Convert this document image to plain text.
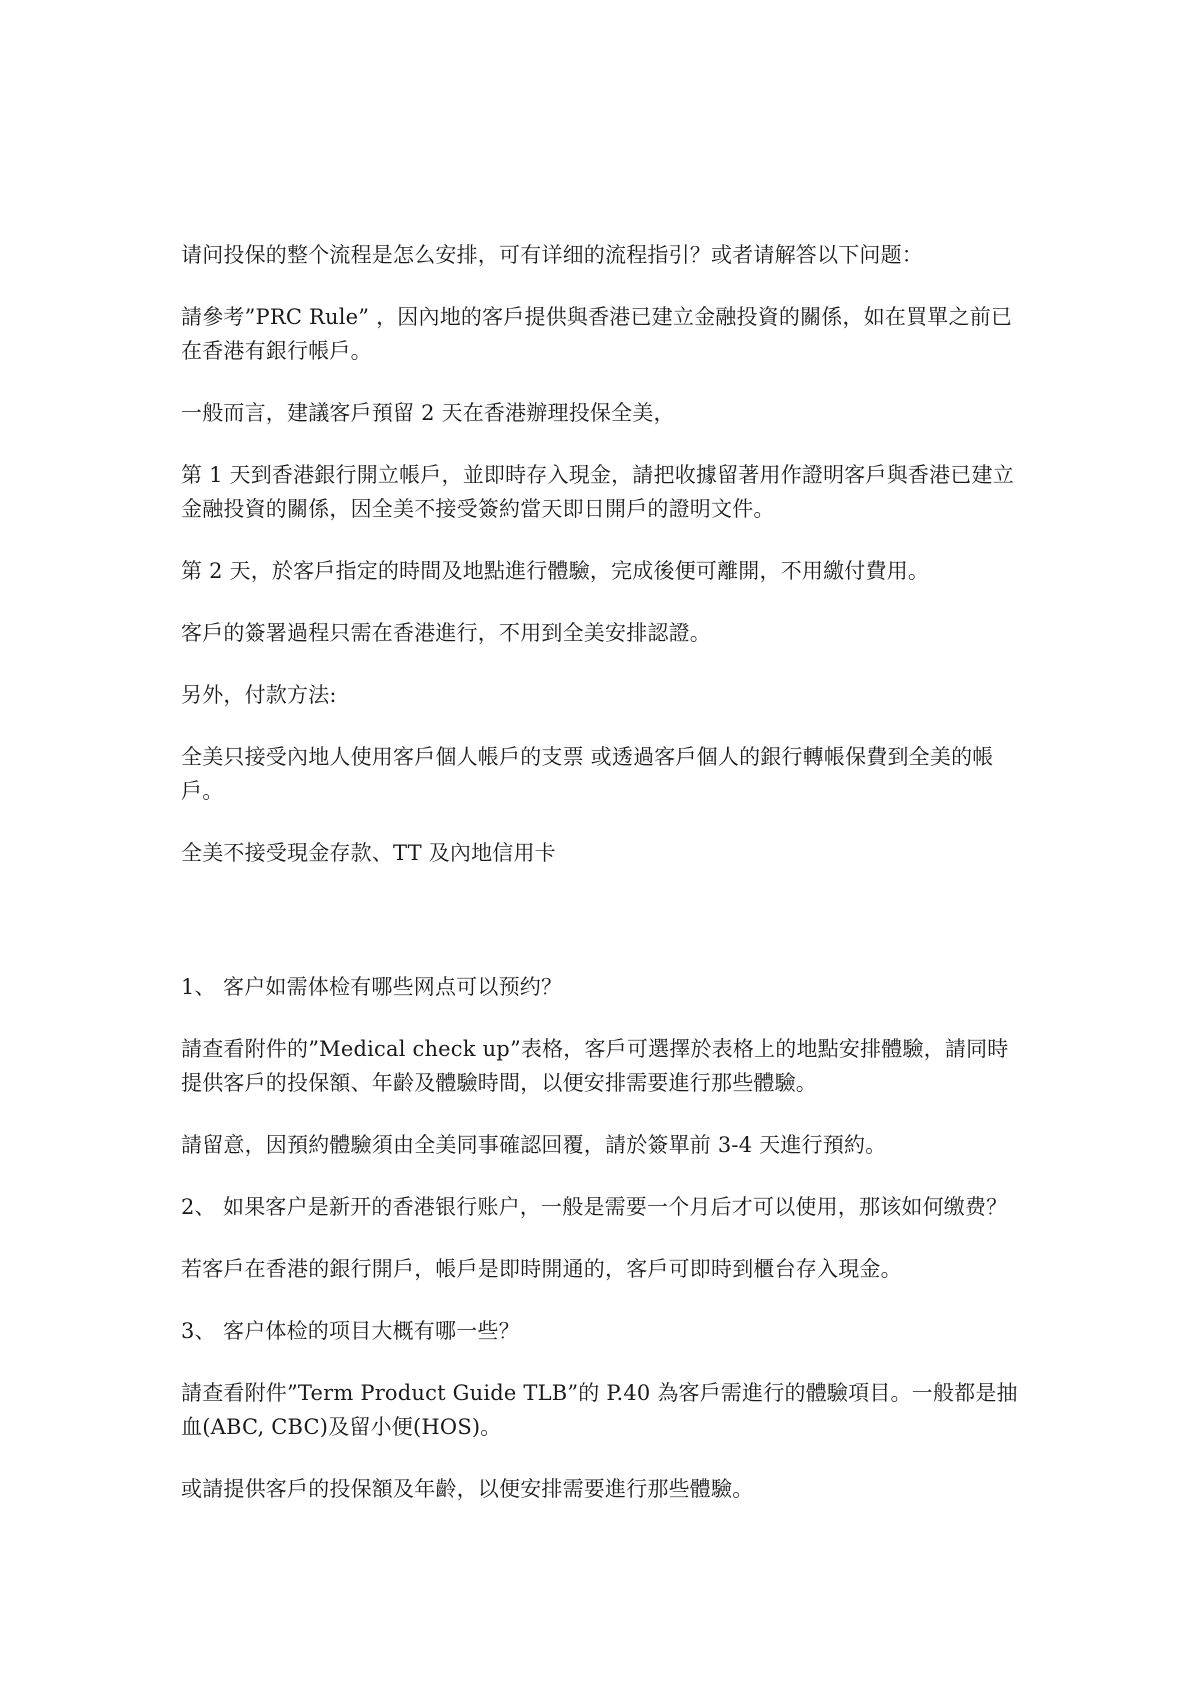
请问投保的整个流程是怎么安排，可有详细的流程指引？或者请解答以下问题：

請參考”PRC Rule” ，因內地的客戶提供與香港已建立金融投資的關係，如在買單之前已在香港有銀行帳戶。

一般而言，建議客戶預留 2 天在香港辦理投保全美，

第 1 天到香港銀行開立帳戶，並即時存入現金，請把收據留著用作證明客戶與香港已建立金融投資的關係，因全美不接受簽約當天即日開戶的證明文件。

第 2 天，於客戶指定的時間及地點進行體驗，完成後便可離開，不用繳付費用。

客戶的簽署過程只需在香港進行，不用到全美安排認證。

另外，付款方法:

全美只接受內地人使用客戶個人帳戶的支票 或透過客戶個人的銀行轉帳保費到全美的帳戶。

全美不接受現金存款、TT 及內地信用卡

1、 客户如需体检有哪些网点可以预约？

請查看附件的”Medical check up”表格，客戶可選擇於表格上的地點安排體驗，請同時提供客戶的投保額、年齡及體驗時間，以便安排需要進行那些體驗。

請留意，因預約體驗須由全美同事確認回覆，請於簽單前 3-4 天進行預約。

2、 如果客户是新开的香港银行账户，一般是需要一个月后才可以使用，那该如何缴费？

若客戶在香港的銀行開戶，帳戶是即時開通的，客戶可即時到櫃台存入現金。

3、 客户体检的项目大概有哪一些？

請查看附件”Term Product Guide TLB”的 P.40 為客戶需進行的體驗項目。一般都是抽血(ABC, CBC)及留小便(HOS)。

或請提供客戶的投保額及年齡，以便安排需要進行那些體驗。
